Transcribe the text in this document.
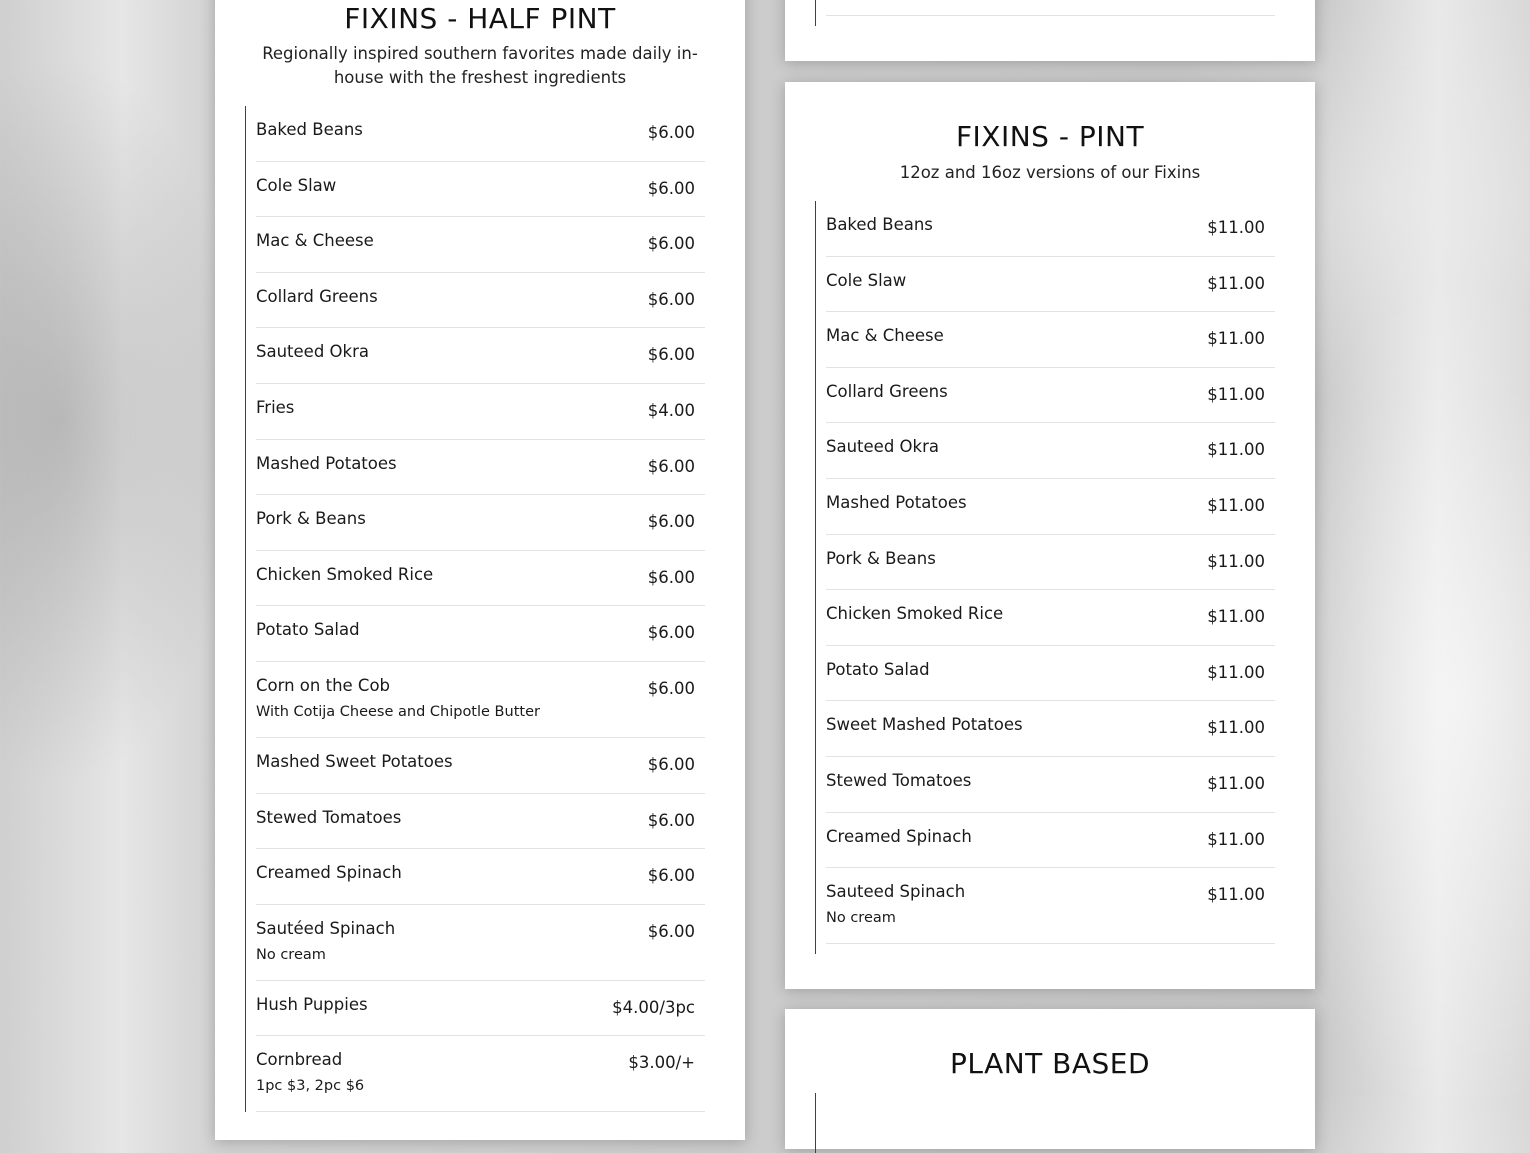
FIXINS - HALF PINT

Regionally inspired southern favorites made daily in-house with the freshest ingredients

Baked Beans	$6.00
Cole Slaw	$6.00
Mac & Cheese	$6.00
Collard Greens	$6.00
Sauteed Okra	$6.00
Fries	$4.00
Mashed Potatoes	$6.00
Pork & Beans	$6.00
Chicken Smoked Rice	$6.00
Potato Salad	$6.00
Corn on the Cob
With Cotija Cheese and Chipotle Butter
$6.00
Mashed Sweet Potatoes	$6.00
Stewed Tomatoes	$6.00
Creamed Spinach	$6.00
Sautéed Spinach
No cream
$6.00
Hush Puppies	$4.00/3pc
Cornbread
1pc $3, 2pc $6
$3.00/+
FIXINS - PINT

12oz and 16oz versions of our Fixins

Baked Beans	$11.00
Cole Slaw	$11.00
Mac & Cheese	$11.00
Collard Greens	$11.00
Sauteed Okra	$11.00
Mashed Potatoes	$11.00
Pork & Beans	$11.00
Chicken Smoked Rice	$11.00
Potato Salad	$11.00
Sweet Mashed Potatoes	$11.00
Stewed Tomatoes	$11.00
Creamed Spinach	$11.00
Sauteed Spinach
No cream
$11.00
PLANT BASED
